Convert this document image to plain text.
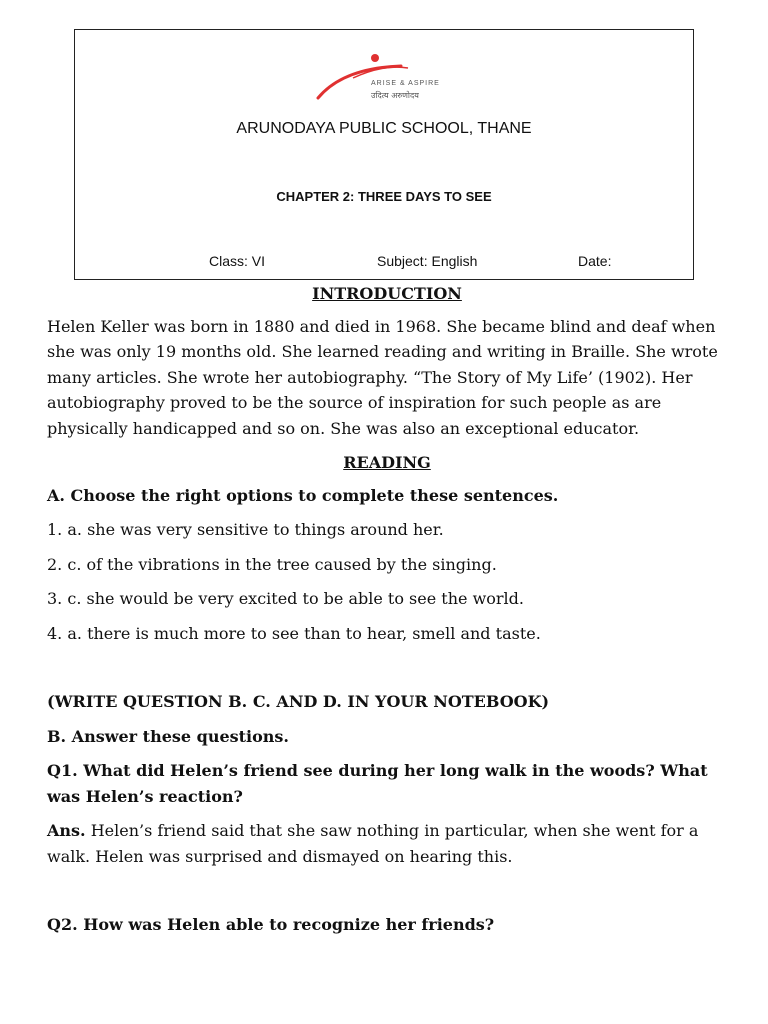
ARISE & ASPIRE
उदित्य अरुणोदय
ARUNODAYA PUBLIC SCHOOL, THANE
CHAPTER 2: THREE DAYS TO SEE
Class: VI	Subject: English	Date:

INTRODUCTION

Helen Keller was born in 1880 and died in 1968. She became blind and deaf when she was only 19 months old. She learned reading and writing in Braille. She wrote many articles. She wrote her autobiography. “The Story of My Life’ (1902). Her autobiography proved to be the source of inspiration for such people as are physically handicapped and so on. She was also an exceptional educator.

READING

A. Choose the right options to complete these sentences.

1. a. she was very sensitive to things around her.

2. c. of the vibrations in the tree caused by the singing.

3. c. she would be very excited to be able to see the world.

4. a. there is much more to see than to hear, smell and taste.

(WRITE QUESTION B. C. AND D. IN YOUR NOTEBOOK)

B. Answer these questions.

Q1. What did Helen’s friend see during her long walk in the woods? What was Helen’s reaction?

Ans. Helen’s friend said that she saw nothing in particular, when she went for a walk. Helen was surprised and dismayed on hearing this.

Q2. How was Helen able to recognize her friends?
